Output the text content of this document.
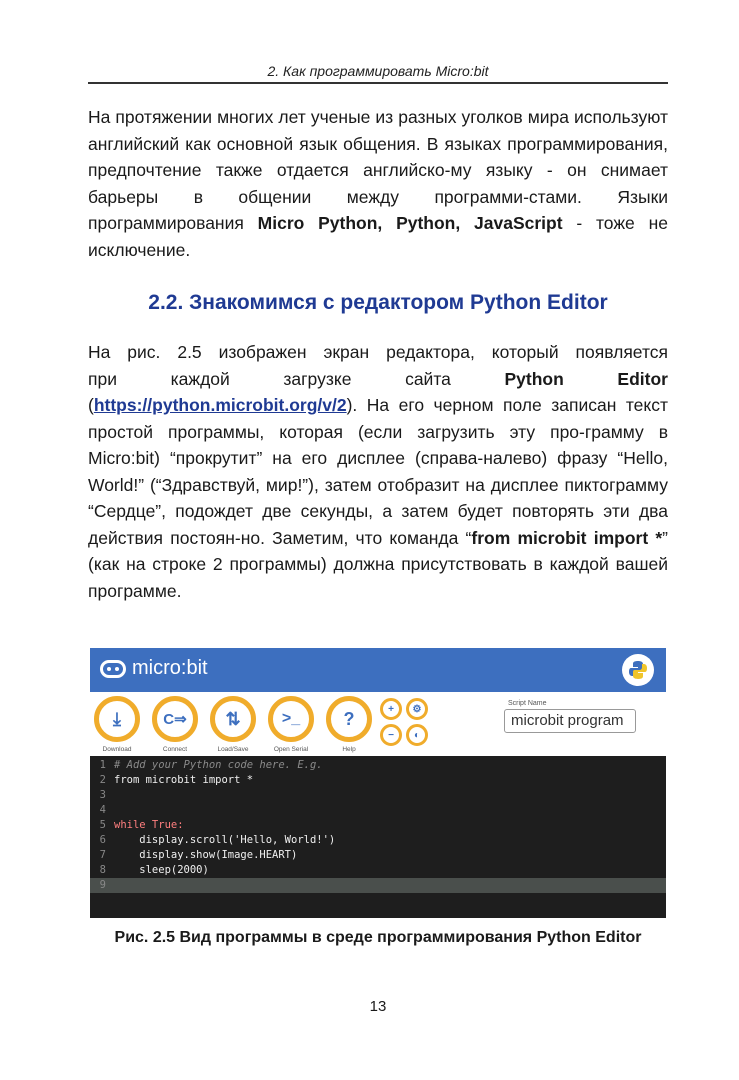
2. Как программировать Micro:bit
На протяжении многих лет ученые из разных уголков мира используют английский как основной язык общения. В языках программирования, предпочтение также отдается английско-му языку - он снимает барьеры в общении между программи-стами. Языки программирования Micro Python, Python, JavaScript - тоже не исключение.
2.2. Знакомимся с редактором Python Editor
На рис. 2.5 изображен экран редактора, который появляется
при	каждой	загрузке	сайта	Python Editor
(https://python.microbit.org/v/2). На его черном поле записан текст простой программы, которая (если загрузить эту про-грамму в Micro:bit) “прокрутит” на его дисплее (справа-налево) фразу “Hello, World!” (“Здравствуй, мир!”), затем отобразит на дисплее пиктограмму “Сердце”, подождет две секунды, а затем будет повторять эти два действия постоян-но. Заметим, что команда “from microbit import *” (как на строке 2 программы) должна присутствовать в каждой вашей программе.
micro:bit
⤓
Download
C⇒
Connect
⇅
Load/Save
>_
Open Serial
?
Help
+	⚙
−	◐
Script Name
microbit program
1 # Add your Python code here. E.g.
2 from microbit import *
3
4
5 while True:
6 display.scroll('Hello, World!')
7 display.show(Image.HEART)
8 sleep(2000)
9
Рис. 2.5 Вид программы в среде программирования Python Editor
13
